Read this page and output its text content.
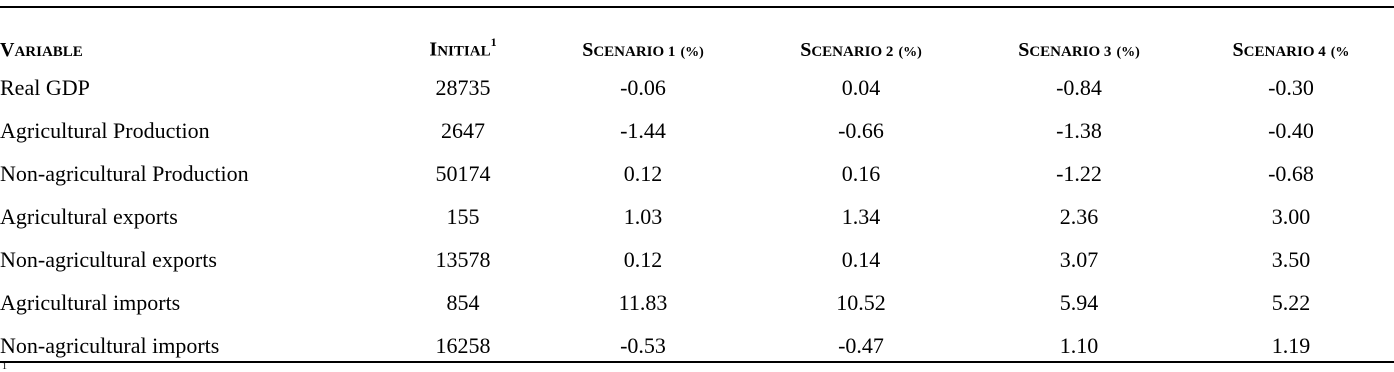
VARIABLE	INITIAL$^1$	SCENARIO 1 (%)	SCENARIO 2 (%)	SCENARIO 3 (%)	SCENARIO 4 (%
Real GDP	28735	-0.06	0.04	-0.84	-0.30
Agricultural Production	2647	-1.44	-0.66	-1.38	-0.40
Non-agricultural Production	50174	0.12	0.16	-1.22	-0.68
Agricultural exports	155	1.03	1.34	2.36	3.00
Non-agricultural exports	13578	0.12	0.14	3.07	3.50
Agricultural imports	854	11.83	10.52	5.94	5.22
Non-agricultural imports	16258	-0.53	-0.47	1.10	1.19
1
